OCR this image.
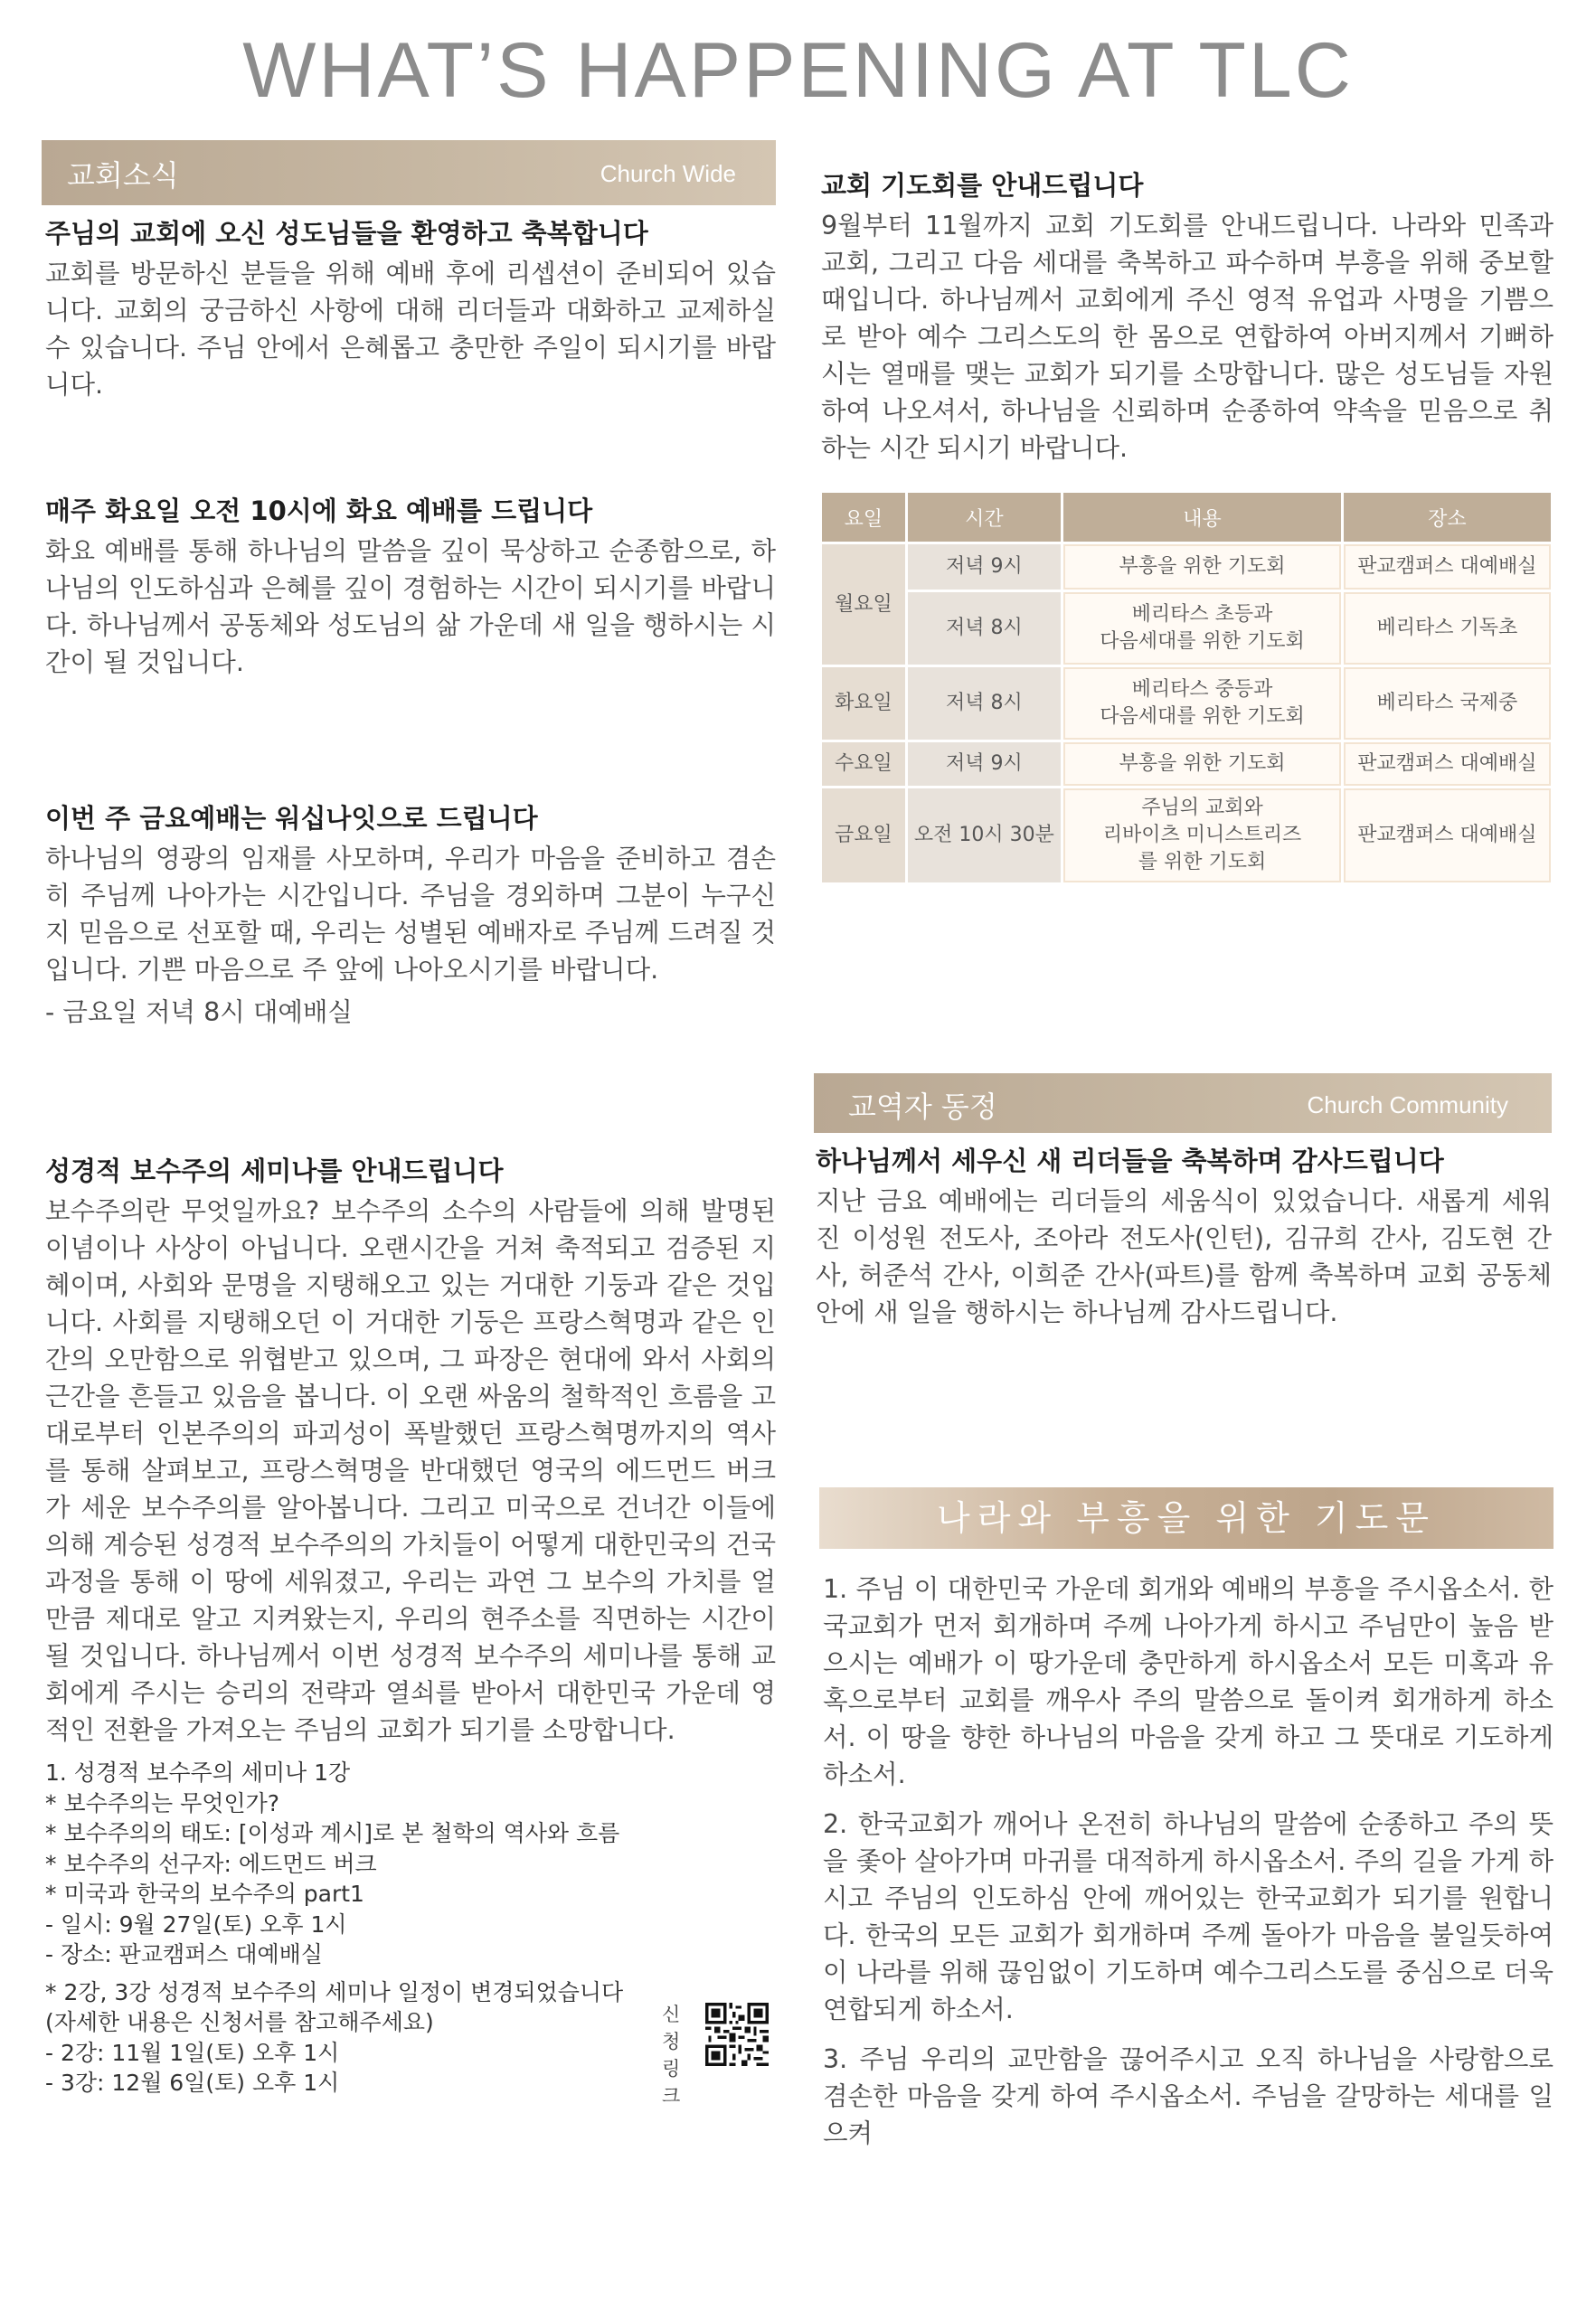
WHAT’S HAPPENING AT TLC
교회소식	Church Wide
주님의 교회에 오신 성도님들을 환영하고 축복합니다

교회를 방문하신 분들을 위해 예배 후에 리셉션이 준비되어 있습니다. 교회의 궁금하신 사항에 대해 리더들과 대화하고 교제하실 수 있습니다. 주님 안에서 은혜롭고 충만한 주일이 되시기를 바랍니다.

매주 화요일 오전 10시에 화요 예배를 드립니다

화요 예배를 통해 하나님의 말씀을 깊이 묵상하고 순종함으로, 하나님의 인도하심과 은혜를 깊이 경험하는 시간이 되시기를 바랍니다. 하나님께서 공동체와 성도님의 삶 가운데 새 일을 행하시는 시간이 될 것입니다.

이번 주 금요예배는 워십나잇으로 드립니다

하나님의 영광의 임재를 사모하며, 우리가 마음을 준비하고 겸손히 주님께 나아가는 시간입니다. 주님을 경외하며 그분이 누구신지 믿음으로 선포할 때, 우리는 성별된 예배자로 주님께 드려질 것입니다. 기쁜 마음으로 주 앞에 나아오시기를 바랍니다.

- 금요일 저녁 8시 대예배실

성경적 보수주의 세미나를 안내드립니다

보수주의란 무엇일까요? 보수주의 소수의 사람들에 의해 발명된 이념이나 사상이 아닙니다. 오랜시간을 거쳐 축적되고 검증된 지혜이며, 사회와 문명을 지탱해오고 있는 거대한 기둥과 같은 것입니다. 사회를 지탱해오던 이 거대한 기둥은 프랑스혁명과 같은 인간의 오만함으로 위협받고 있으며, 그 파장은 현대에 와서 사회의 근간을 흔들고 있음을 봅니다. 이 오랜 싸움의 철학적인 흐름을 고대로부터 인본주의의 파괴성이 폭발했던 프랑스혁명까지의 역사를 통해 살펴보고, 프랑스혁명을 반대했던 영국의 에드먼드 버크가 세운 보수주의를 알아봅니다. 그리고 미국으로 건너간 이들에 의해 계승된 성경적 보수주의의 가치들이 어떻게 대한민국의 건국 과정을 통해 이 땅에 세워졌고, 우리는 과연 그 보수의 가치를 얼만큼 제대로 알고 지켜왔는지, 우리의 현주소를 직면하는 시간이 될 것입니다. 하나님께서 이번 성경적 보수주의 세미나를 통해 교회에게 주시는 승리의 전략과 열쇠를 받아서 대한민국 가운데 영적인 전환을 가져오는 주님의 교회가 되기를 소망합니다.

1. 성경적 보수주의 세미나 1강
* 보수주의는 무엇인가?
* 보수주의의 태도: [이성과 계시]로 본 철학의 역사와 흐름
* 보수주의 선구자: 에드먼드 버크
* 미국과 한국의 보수주의 part1
- 일시: 9월 27일(토) 오후 1시
- 장소: 판교캠퍼스 대예배실
* 2강, 3강 성경적 보수주의 세미나 일정이 변경되었습니다
(자세한 내용은 신청서를 참고해주세요)
- 2강: 11월 1일(토) 오후 1시
- 3강: 12월 6일(토) 오후 1시
신청
링크
교회 기도회를 안내드립니다

9월부터 11월까지 교회 기도회를 안내드립니다. 나라와 민족과 교회, 그리고 다음 세대를 축복하고 파수하며 부흥을 위해 중보할 때입니다. 하나님께서 교회에게 주신 영적 유업과 사명을 기쁨으로 받아 예수 그리스도의 한 몸으로 연합하여 아버지께서 기뻐하시는 열매를 맺는 교회가 되기를 소망합니다. 많은 성도님들 자원하여 나오셔서, 하나님을 신뢰하며 순종하여 약속을 믿음으로 취하는 시간 되시기 바랍니다.

요일	시간	내용	장소
월요일	저녁 9시	부흥을 위한 기도회	판교캠퍼스 대예배실
	저녁 8시	베리타스 초등과
다음세대를 위한 기도회	베리타스 기독초
화요일	저녁 8시	베리타스 중등과
다음세대를 위한 기도회	베리타스 국제중
수요일	저녁 9시	부흥을 위한 기도회	판교캠퍼스 대예배실
금요일	오전 10시 30분	주님의 교회와
리바이츠 미니스트리즈
를 위한 기도회	판교캠퍼스 대예배실
교역자 동정	Church Community
하나님께서 세우신 새 리더들을 축복하며 감사드립니다

지난 금요 예배에는 리더들의 세움식이 있었습니다. 새롭게 세워진 이성원 전도사, 조아라 전도사(인턴), 김규희 간사, 김도현 간사, 허준석 간사, 이희준 간사(파트)를 함께 축복하며 교회 공동체 안에 새 일을 행하시는 하나님께 감사드립니다.

나라와 부흥을 위한 기도문

1. 주님 이 대한민국 가운데 회개와 예배의 부흥을 주시옵소서. 한국교회가 먼저 회개하며 주께 나아가게 하시고 주님만이 높음 받으시는 예배가 이 땅가운데 충만하게 하시옵소서 모든 미혹과 유혹으로부터 교회를 깨우사 주의 말씀으로 돌이켜 회개하게 하소서. 이 땅을 향한 하나님의 마음을 갖게 하고 그 뜻대로 기도하게 하소서.

2. 한국교회가 깨어나 온전히 하나님의 말씀에 순종하고 주의 뜻을 좇아 살아가며 마귀를 대적하게 하시옵소서. 주의 길을 가게 하시고 주님의 인도하심 안에 깨어있는 한국교회가 되기를 원합니다. 한국의 모든 교회가 회개하며 주께 돌아가 마음을 불일듯하여 이 나라를 위해 끊임없이 기도하며 예수그리스도를 중심으로 더욱 연합되게 하소서.

3. 주님 우리의 교만함을 끊어주시고 오직 하나님을 사랑함으로 겸손한 마음을 갖게 하여 주시옵소서. 주님을 갈망하는 세대를 일으켜
